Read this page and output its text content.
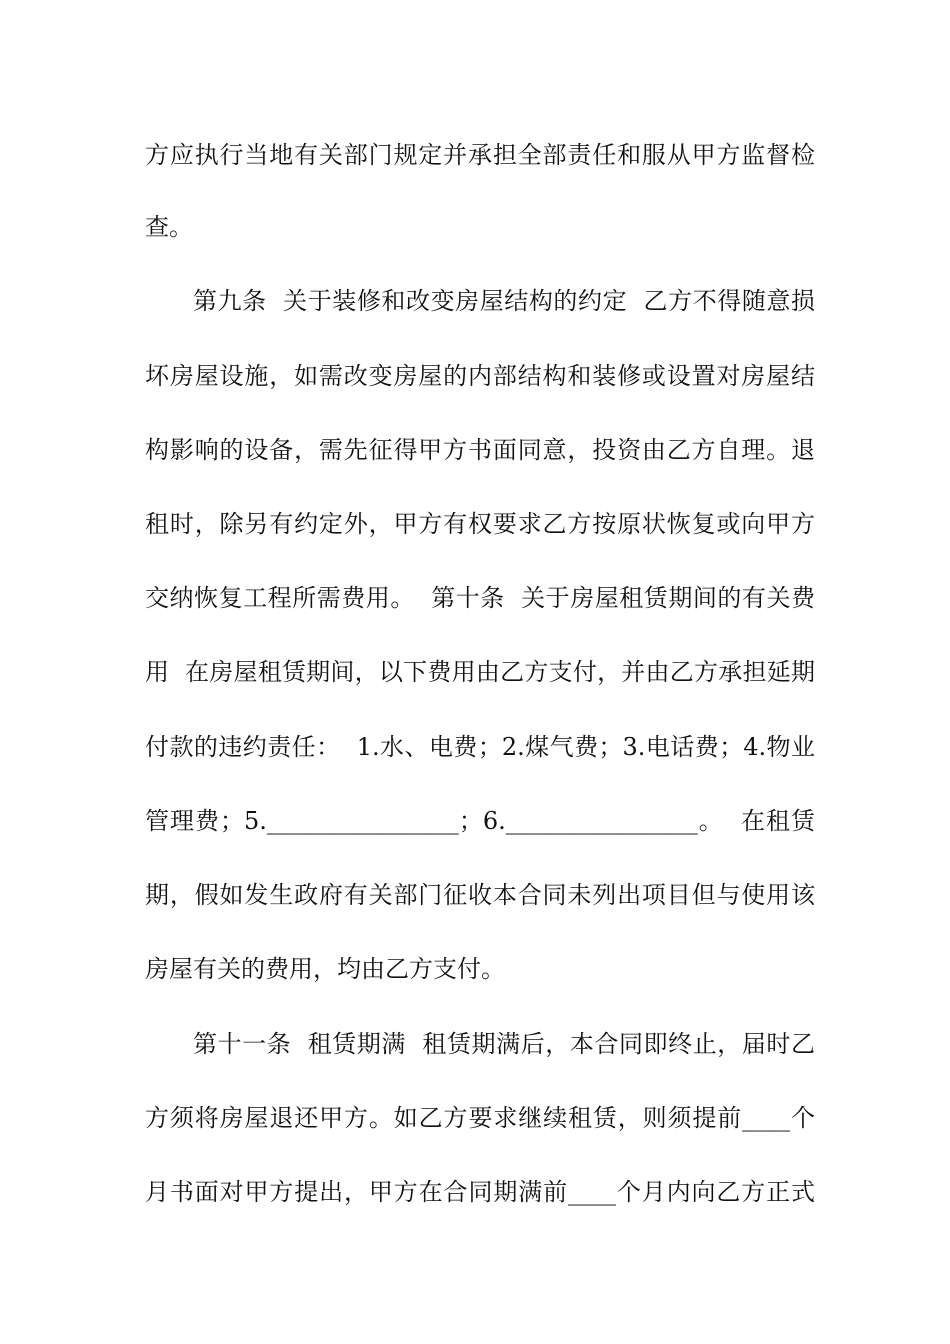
方应执行当地有关部门规定并承担全部责任和服从甲方监督检
查。
第九条  关于装修和改变房屋结构的约定  乙方不得随意损
坏房屋设施，如需改变房屋的内部结构和装修或设置对房屋结
构影响的设备，需先征得甲方书面同意，投资由乙方自理。退
租时，除另有约定外，甲方有权要求乙方按原状恢复或向甲方
交纳恢复工程所需费用。  第十条  关于房屋租赁期间的有关费
用  在房屋租赁期间，以下费用由乙方支付，并由乙方承担延期
付款的违约责任：  1.水、电费；2.煤气费；3.电话费；4.物业
管理费；5.________________；6.________________。  在租赁
期，假如发生政府有关部门征收本合同未列出项目但与使用该
房屋有关的费用，均由乙方支付。
第十一条  租赁期满  租赁期满后，本合同即终止，届时乙
方须将房屋退还甲方。如乙方要求继续租赁，则须提前____个
月书面对甲方提出，甲方在合同期满前____个月内向乙方正式
